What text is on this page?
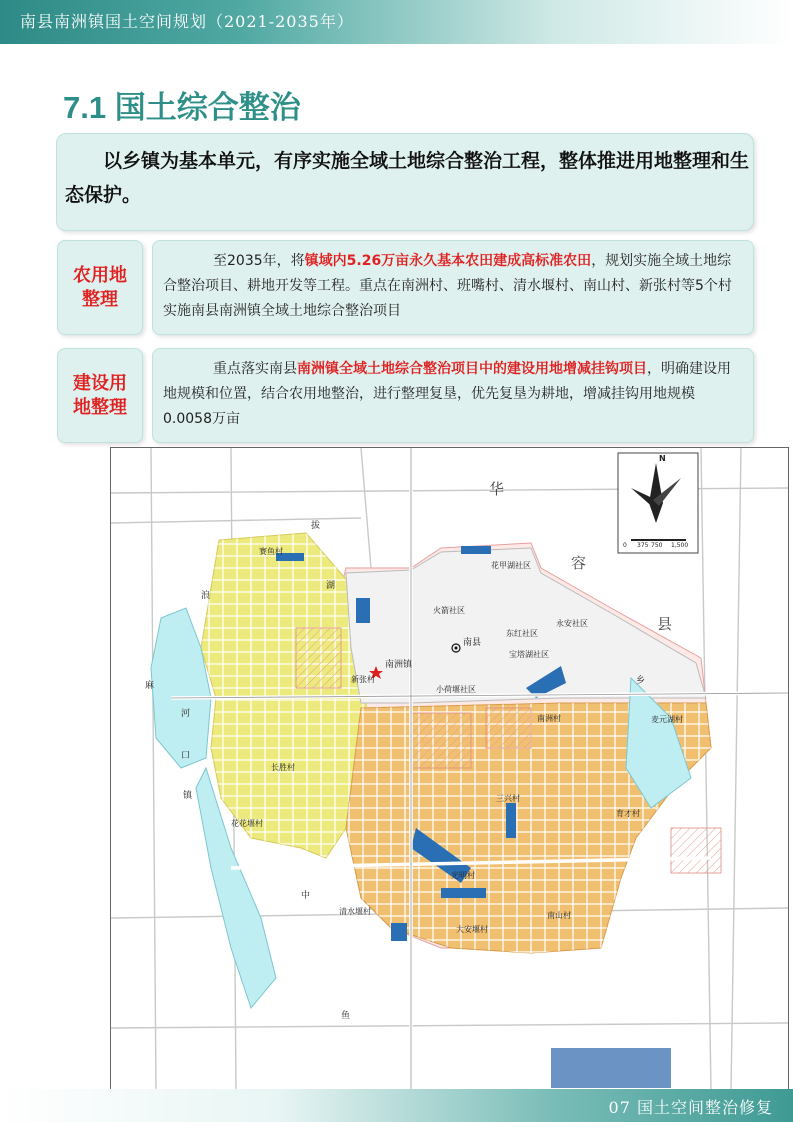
南县南洲镇国土空间规划（2021-2035年）
7.1 国土综合整治
以乡镇为基本单元，有序实施全域土地综合整治工程，整体推进用地整理和生态保护。
农用地
整理
至2035年，将镇域内5.26万亩永久基本农田建成高标准农田，规划实施全域土地综合整治项目、耕地开发等工程。重点在南洲村、班嘴村、清水堰村、南山村、新张村等5个村实施南县南洲镇全域土地综合整治项目
建设用
地整理
重点落实南县南洲镇全域土地综合整治项目中的建设用地增减挂钩项目，明确建设用地规模和位置，结合农用地整治，进行整理复垦，优先复垦为耕地，增减挂钩用地规模0.0058万亩
N
0 375 750 1,500
华
容
县
麻
河
口
镇
乡
中
鱼
浪
拔
湖
花甲湖社区
火箭社区
东红社区
永安社区
宝塔湖社区
南县
南洲镇
新张村
小荷堰社区
南洲村	麦元湖村
长胜村
三兴村
育才村
花花堰村
清水堰村	南山村
光明村
大安堰村
赛鱼村
07 国土空间整治修复
